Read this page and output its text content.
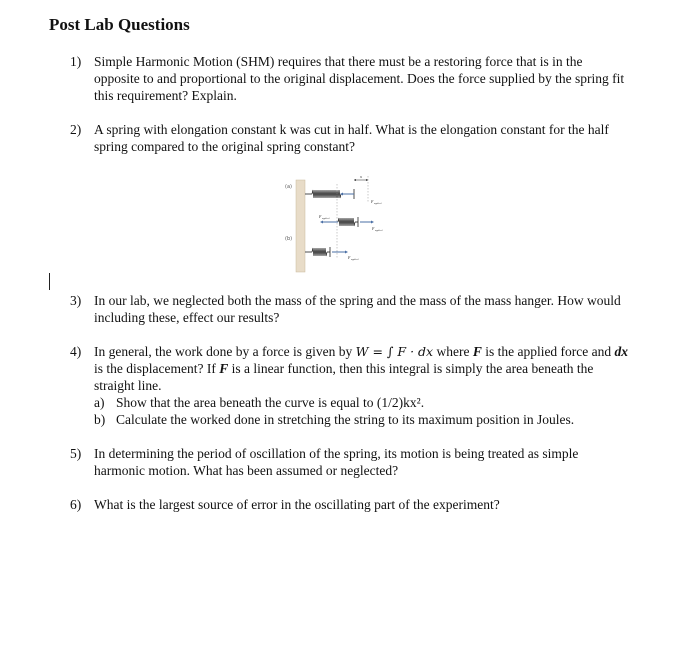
Post Lab Questions
1) Simple Harmonic Motion (SHM) requires that there must be a restoring force that is in the opposite to and proportional to the original displacement. Does the force supplied by the spring fit this requirement? Explain.
2) A spring with elongation constant k was cut in half. What is the elongation constant for the half spring compared to the original spring constant?
(a)
(b)
x
F applied
F applied
F applied
F applied
3) In our lab, we neglected both the mass of the spring and the mass of the mass hanger. How would including these, effect our results?
4) In general, the work done by a force is given by W = ∫ F · dx where F is the applied force and dx is the displacement? If F is a linear function, then this integral is simply the area beneath the straight line.
a) Show that the area beneath the curve is equal to (1/2)kx².
b) Calculate the worked done in stretching the string to its maximum position in Joules.
5) In determining the period of oscillation of the spring, its motion is being treated as simple harmonic motion. What has been assumed or neglected?
6) What is the largest source of error in the oscillating part of the experiment?
